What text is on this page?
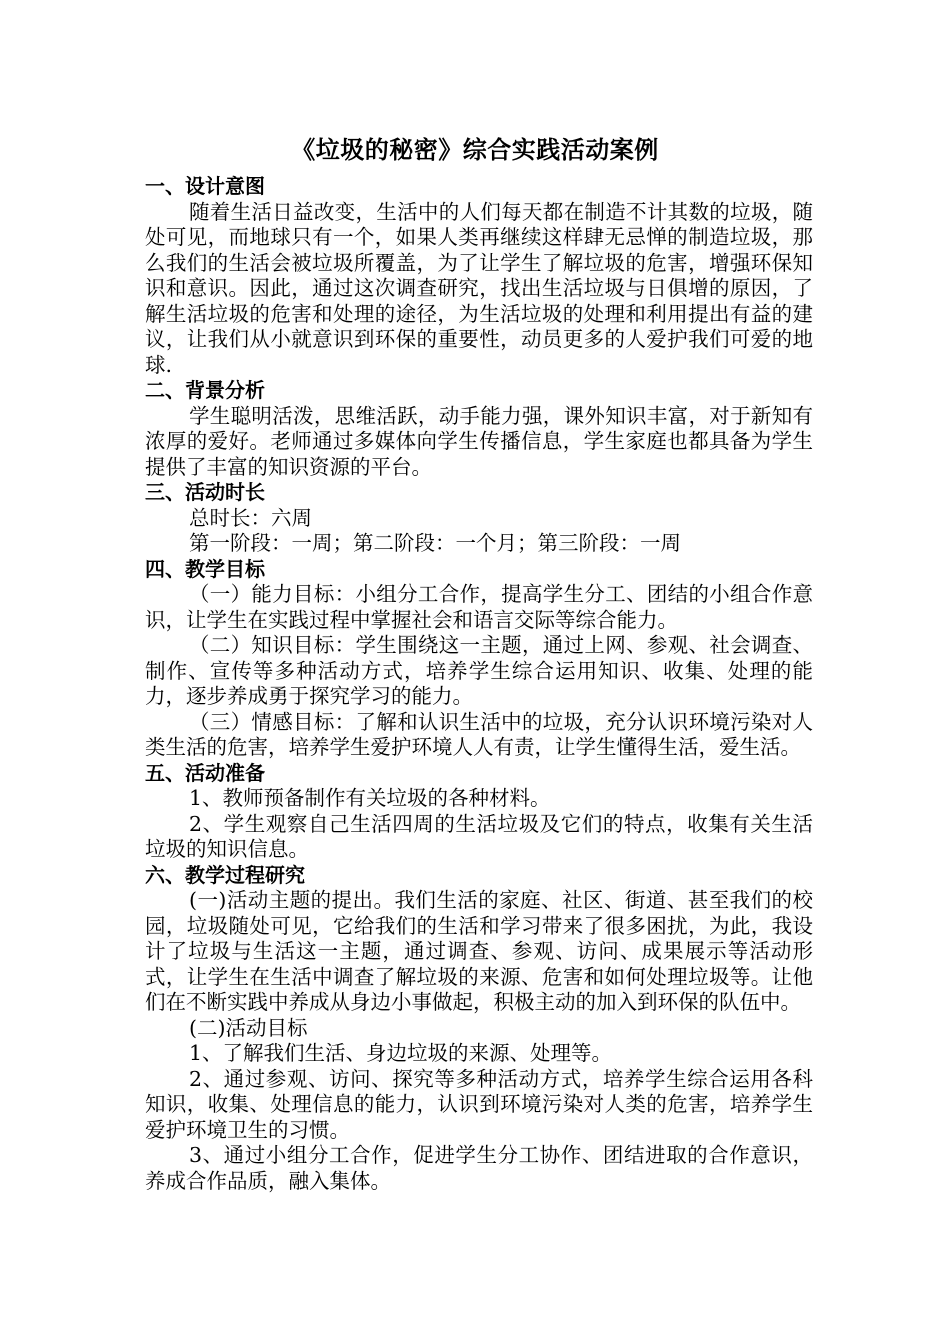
《垃圾的秘密》综合实践活动案例

一、设计意图

随着生活日益改变，生活中的人们每天都在制造不计其数的垃圾，随处可见，而地球只有一个，如果人类再继续这样肆无忌惮的制造垃圾，那么我们的生活会被垃圾所覆盖，为了让学生了解垃圾的危害，增强环保知识和意识。因此，通过这次调查研究，找出生活垃圾与日俱增的原因，了解生活垃圾的危害和处理的途径，为生活垃圾的处理和利用提出有益的建议，让我们从小就意识到环保的重要性，动员更多的人爱护我们可爱的地球.

二、背景分析

学生聪明活泼，思维活跃，动手能力强，课外知识丰富，对于新知有浓厚的爱好。老师通过多媒体向学生传播信息，学生家庭也都具备为学生提供了丰富的知识资源的平台。

三、活动时长

总时长：六周

第一阶段：一周；第二阶段：一个月；第三阶段：一周

四、教学目标

（一）能力目标：小组分工合作，提高学生分工、团结的小组合作意识，让学生在实践过程中掌握社会和语言交际等综合能力。

（二）知识目标：学生围绕这一主题，通过上网、参观、社会调查、制作、宣传等多种活动方式，培养学生综合运用知识、收集、处理的能力，逐步养成勇于探究学习的能力。

（三）情感目标：了解和认识生活中的垃圾，充分认识环境污染对人类生活的危害，培养学生爱护环境人人有责，让学生懂得生活，爱生活。

五、活动准备

1、教师预备制作有关垃圾的各种材料。

2、学生观察自己生活四周的生活垃圾及它们的特点，收集有关生活垃圾的知识信息。

六、教学过程研究

(一)活动主题的提出。我们生活的家庭、社区、街道、甚至我们的校园，垃圾随处可见，它给我们的生活和学习带来了很多困扰，为此，我设计了垃圾与生活这一主题，通过调查、参观、访问、成果展示等活动形式，让学生在生活中调查了解垃圾的来源、危害和如何处理垃圾等。让他们在不断实践中养成从身边小事做起，积极主动的加入到环保的队伍中。

(二)活动目标

1、了解我们生活、身边垃圾的来源、处理等。

2、通过参观、访问、探究等多种活动方式，培养学生综合运用各科知识，收集、处理信息的能力，认识到环境污染对人类的危害，培养学生爱护环境卫生的习惯。

3、通过小组分工合作，促进学生分工协作、团结进取的合作意识，养成合作品质，融入集体。
